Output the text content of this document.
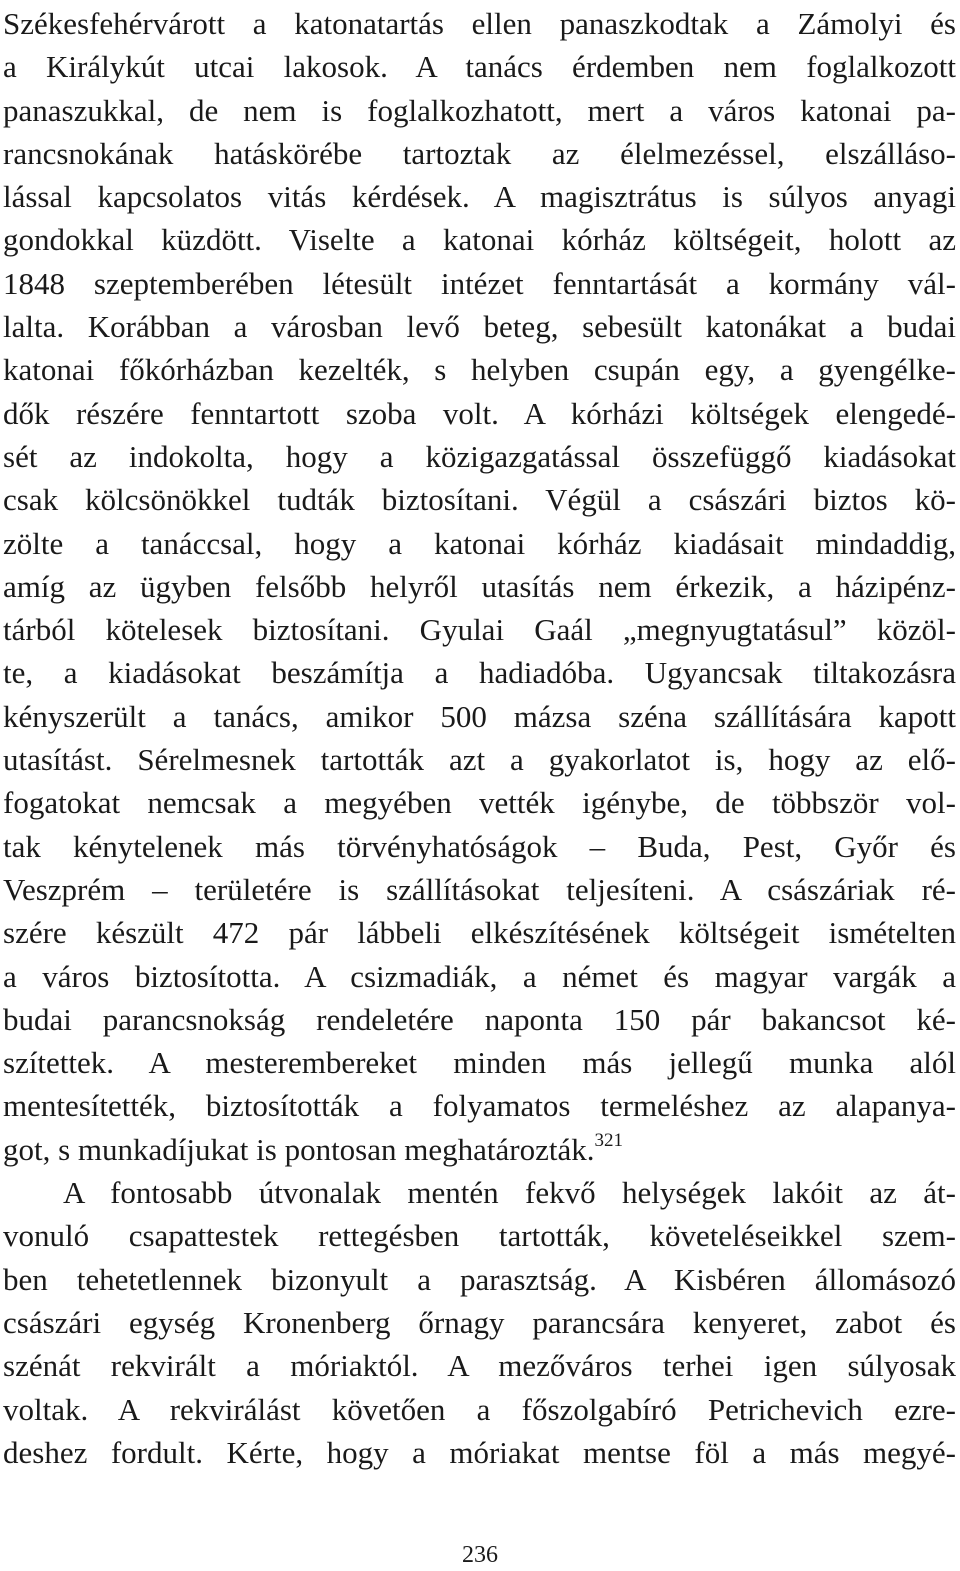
Székesfehérvárott a katonatartás ellen panaszkodtak a Zámolyi és
a Királykút utcai lakosok. A tanács érdemben nem foglalkozott
panaszukkal, de nem is foglalkozhatott, mert a város katonai pa-
rancsnokának hatáskörébe tartoztak az élelmezéssel, elszállásо-
lással kapcsolatos vitás kérdések. A magisztrátus is súlyos anyagi
gondokkal küzdött. Viselte a katonai kórház költségeit, holott az
1848 szeptemberében létesült intézet fenntartását a kormány vál-
lalta. Korábban a városban levő beteg, sebesült katonákat a budai
katonai főkórházban kezelték, s helyben csupán egy, a gyengélke-
dők részére fenntartott szoba volt. A kórházi költségek elengedé-
sét az indokolta, hogy a közigazgatással összefüggő kiadásokat
csak kölcsönökkel tudták biztosítani. Végül a császári biztos kö-
zölte a tanáccsal, hogy a katonai kórház kiadásait mindaddig,
amíg az ügyben felsőbb helyről utasítás nem érkezik, a házipénz-
tárból kötelesek biztosítani. Gyulai Gaál „megnyugtatásul” közöl-
te, a kiadásokat beszámítja a hadiadóba. Ugyancsak tiltakozásra
kényszerült a tanács, amikor 500 mázsa széna szállítására kapott
utasítást. Sérelmesnek tartották azt a gyakorlatot is, hogy az elő-
fogatokat nemcsak a megyében vették igénybe, de többször vol-
tak kénytelenek más törvényhatóságok – Buda, Pest, Győr és
Veszprém – területére is szállításokat teljesíteni. A császáriak ré-
szére készült 472 pár lábbeli elkészítésének költségeit ismételten
a város biztosította. A csizmadiák, a német és magyar vargák a
budai parancsnokság rendeletére naponta 150 pár bakancsot ké-
szítettek. A mesterembereket minden más jellegű munka alól
mentesítették, biztosították a folyamatos termeléshez az alapanya-
got, s munkadíjukat is pontosan meghatározták.$^{321}$
A fontosabb útvonalak mentén fekvő helységek lakóit az át-
vonuló csapattestek rettegésben tartották, követeléseikkel szem-
ben tehetetlennek bizonyult a parasztság. A Kisbéren állomásozó
császári egység Kronenberg őrnagy parancsára kenyeret, zabot és
szénát rekvirált a móriaktól. A mezőváros terhei igen súlyosak
voltak. A rekvirálást követően a főszolgabíró Petrichevich ezre-
deshez fordult. Kérte, hogy a móriakat mentse föl a más megyé-
236
